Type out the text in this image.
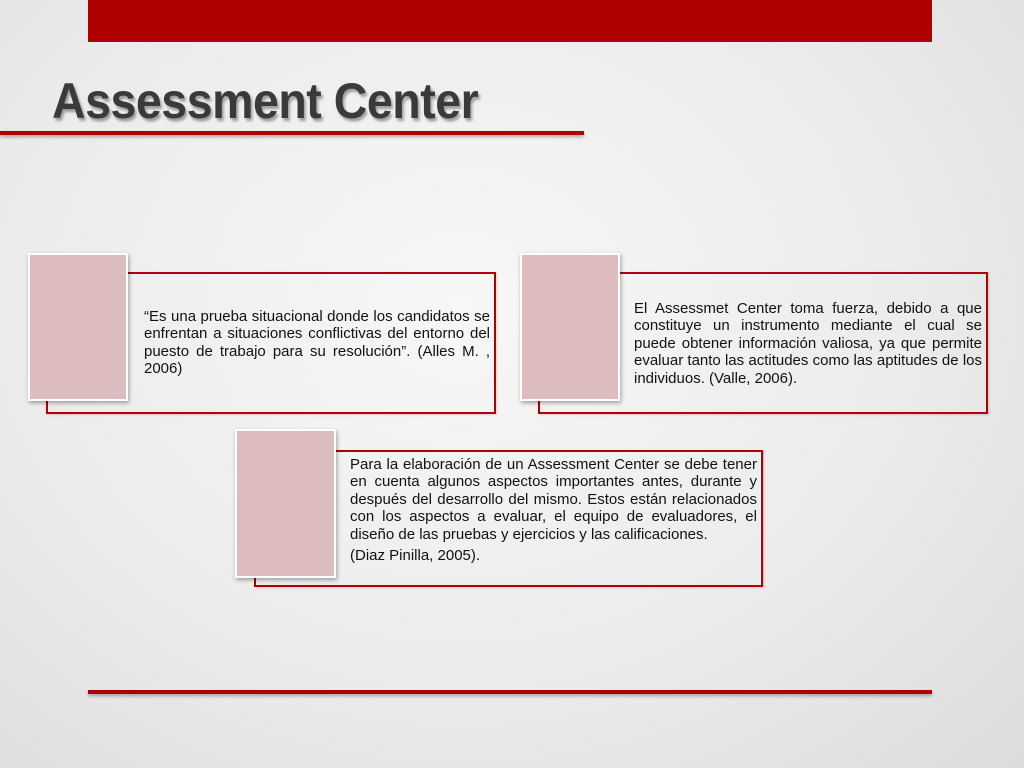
Assessment Center

“Es una prueba situacional donde los candidatos se enfrentan a situaciones conflictivas del entorno del puesto de trabajo para su resolución”. (Alles M. , 2006)

El Assessmet Center toma fuerza, debido a que constituye un instrumento mediante el cual se puede obtener información valiosa, ya que permite evaluar tanto las actitudes como las aptitudes de los individuos. (Valle, 2006).

Para la elaboración de un Assessment Center se debe tener en cuenta algunos aspectos importantes antes, durante y después del desarrollo del mismo. Estos están relacionados con los aspectos a evaluar, el equipo de evaluadores, el diseño de las pruebas y ejercicios y las calificaciones.

(Diaz Pinilla, 2005).
